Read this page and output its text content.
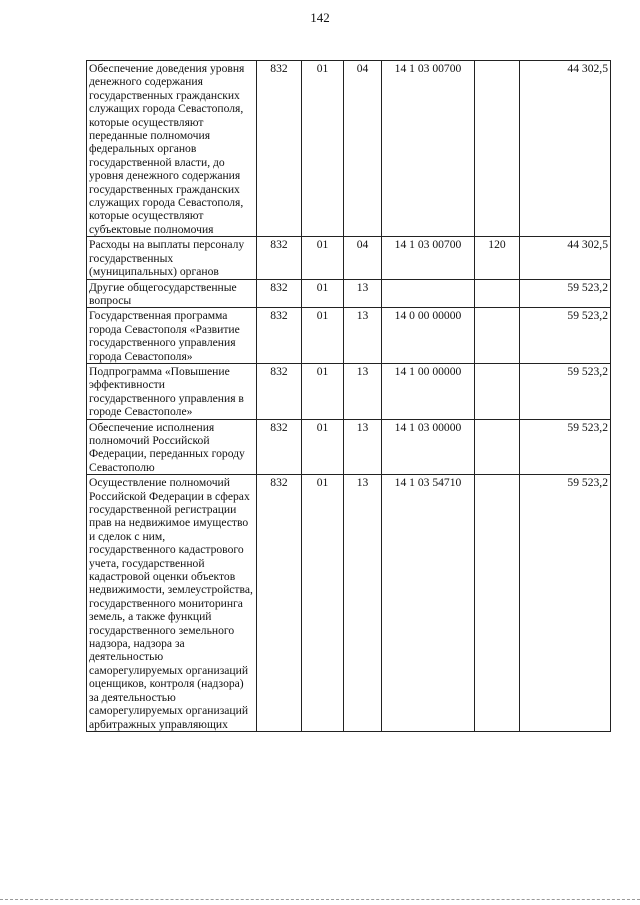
142
Обеспечение доведения уровня денежного содержания государственных гражданских служащих города Севастополя, которые осуществляют переданные полномочия федеральных органов государственной власти, до уровня денежного содержания государственных гражданских служащих города Севастополя, которые осуществляют субъектовые полномочия	832	01	04	14 1 03 00700		44 302,5
Расходы на выплаты персоналу государственных (муниципальных) органов	832	01	04	14 1 03 00700	120	44 302,5
Другие общегосударственные вопросы	832	01	13			59 523,2
Государственная программа города Севастополя «Развитие государственного управления города Севастополя»	832	01	13	14 0 00 00000		59 523,2
Подпрограмма «Повышение эффективности государственного управления в городе Севастополе»	832	01	13	14 1 00 00000		59 523,2
Обеспечение исполнения полномочий Российской Федерации, переданных городу Севастополю	832	01	13	14 1 03 00000		59 523,2
Осуществление полномочий Российской Федерации в сферах государственной регистрации прав на недвижимое имущество и сделок с ним, государственного кадастрового учета, государственной кадастровой оценки объектов недвижимости, землеустройства, государственного мониторинга земель, а также функций государственного земельного надзора, надзора за деятельностью саморегулируемых организаций оценщиков, контроля (надзора) за деятельностью саморегулируемых организаций арбитражных управляющих	832	01	13	14 1 03 54710		59 523,2
